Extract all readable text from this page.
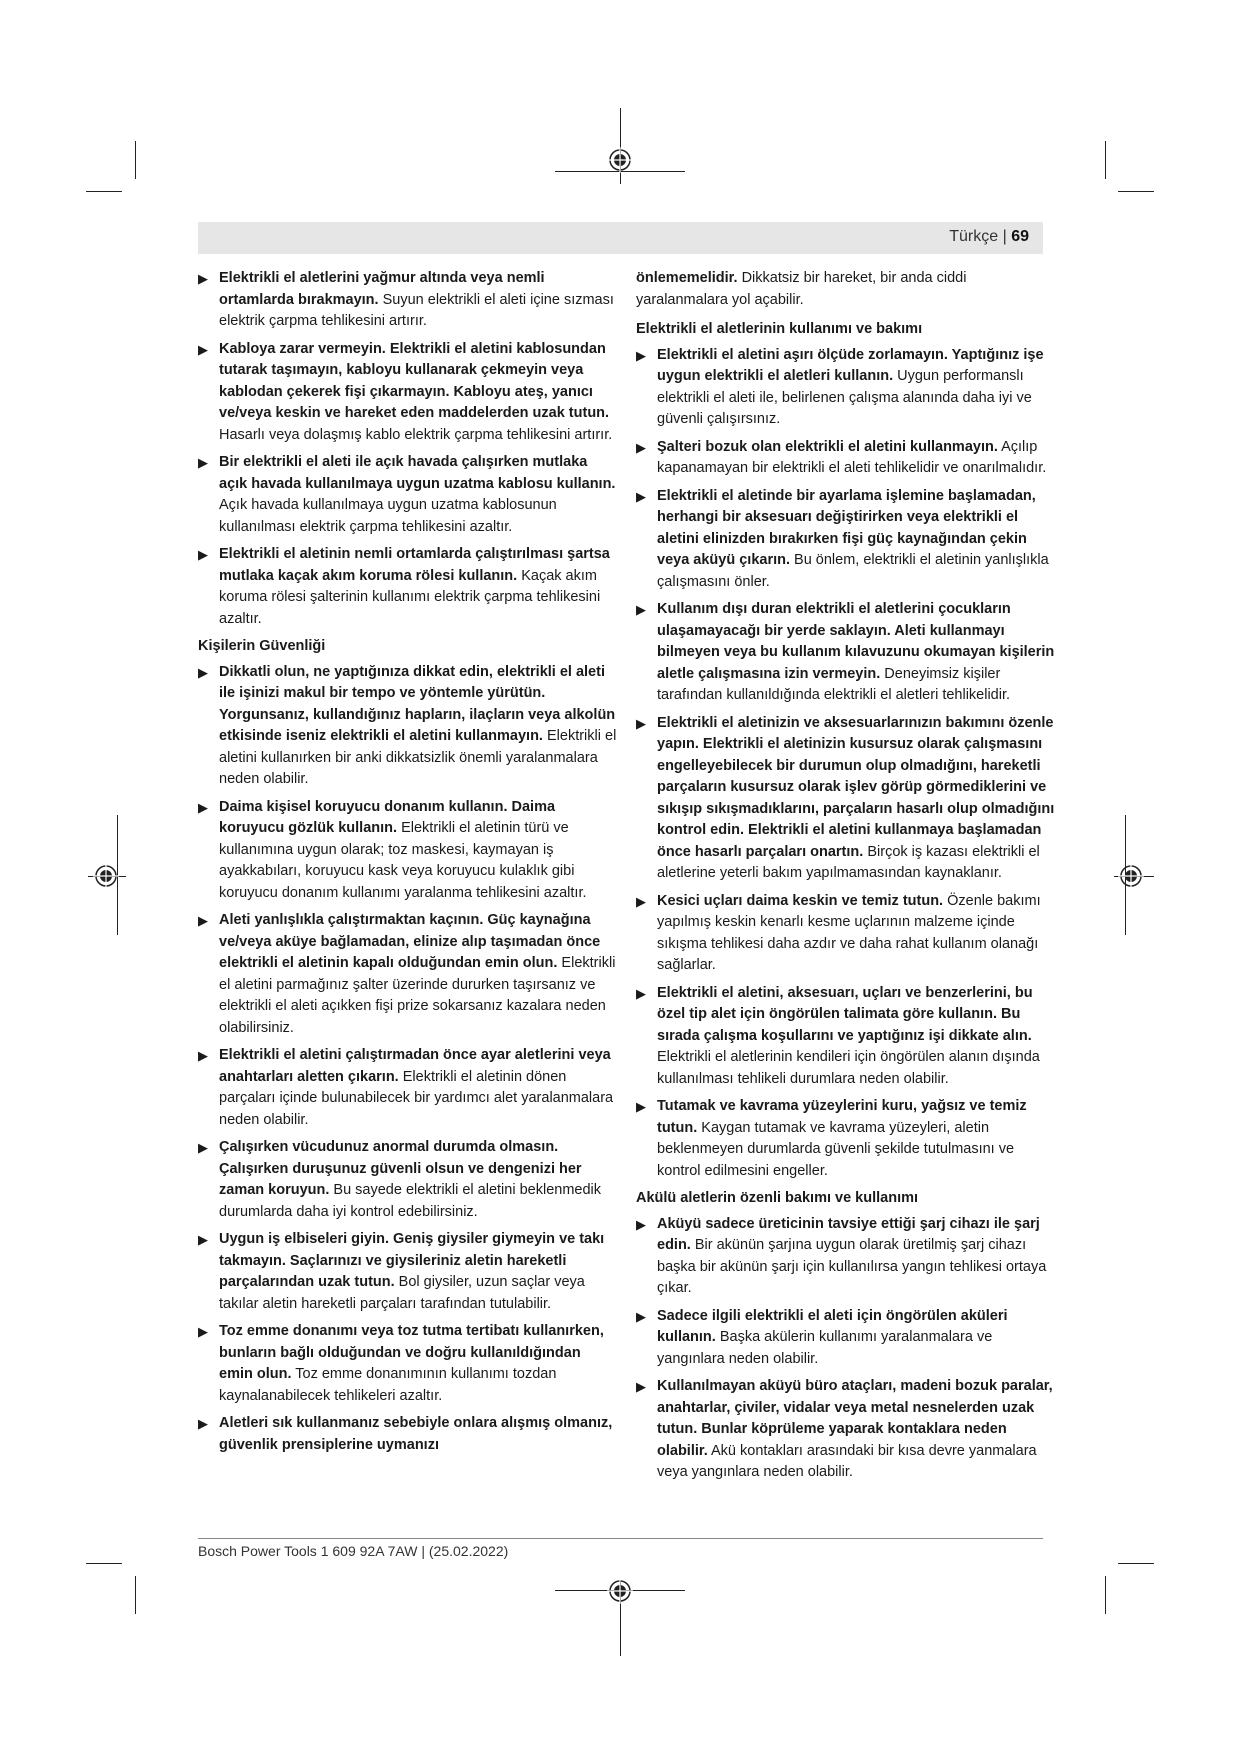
Türkçe | 69
▶ Elektrikli el aletlerini yağmur altında veya nemli ortamlarda bırakmayın. Suyun elektrikli el aleti içine sızması elektrik çarpma tehlikesini artırır.
▶ Kabloya zarar vermeyin. Elektrikli el aletini kablosundan tutarak taşımayın, kabloyu kullanarak çekmeyin veya kablodan çekerek fişi çıkarmayın. Kabloyu ateş, yanıcı ve/veya keskin ve hareket eden maddelerden uzak tutun. Hasarlı veya dolaşmış kablo elektrik çarpma tehlikesini artırır.
▶ Bir elektrikli el aleti ile açık havada çalışırken mutlaka açık havada kullanılmaya uygun uzatma kablosu kullanın. Açık havada kullanılmaya uygun uzatma kablosunun kullanılması elektrik çarpma tehlikesini azaltır.
▶ Elektrikli el aletinin nemli ortamlarda çalıştırılması şartsa mutlaka kaçak akım koruma rölesi kullanın. Kaçak akım koruma rölesi şalterinin kullanımı elektrik çarpma tehlikesini azaltır.
Kişilerin Güvenliği
▶ Dikkatli olun, ne yaptığınıza dikkat edin, elektrikli el aleti ile işinizi makul bir tempo ve yöntemle yürütün. Yorgunsanız, kullandığınız hapların, ilaçların veya alkolün etkisinde iseniz elektrikli el aletini kullanmayın. Elektrikli el aletini kullanırken bir anki dikkatsizlik önemli yaralanmalara neden olabilir.
▶ Daima kişisel koruyucu donanım kullanın. Daima koruyucu gözlük kullanın. Elektrikli el aletinin türü ve kullanımına uygun olarak; toz maskesi, kaymayan iş ayakkabıları, koruyucu kask veya koruyucu kulaklık gibi koruyucu donanım kullanımı yaralanma tehlikesini azaltır.
▶ Aleti yanlışlıkla çalıştırmaktan kaçının. Güç kaynağına ve/veya aküye bağlamadan, elinize alıp taşımadan önce elektrikli el aletinin kapalı olduğundan emin olun. Elektrikli el aletini parmağınız şalter üzerinde dururken taşırsanız ve elektrikli el aleti açıkken fişi prize sokarsanız kazalara neden olabilirsiniz.
▶ Elektrikli el aletini çalıştırmadan önce ayar aletlerini veya anahtarları aletten çıkarın. Elektrikli el aletinin dönen parçaları içinde bulunabilecek bir yardımcı alet yaralanmalara neden olabilir.
▶ Çalışırken vücudunuz anormal durumda olmasın. Çalışırken duruşunuz güvenli olsun ve dengenizi her zaman koruyun. Bu sayede elektrikli el aletini beklenmedik durumlarda daha iyi kontrol edebilirsiniz.
▶ Uygun iş elbiseleri giyin. Geniş giysiler giymeyin ve takı takmayın. Saçlarınızı ve giysileriniz aletin hareketli parçalarından uzak tutun. Bol giysiler, uzun saçlar veya takılar aletin hareketli parçaları tarafından tutulabilir.
▶ Toz emme donanımı veya toz tutma tertibatı kullanırken, bunların bağlı olduğundan ve doğru kullanıldığından emin olun. Toz emme donanımının kullanımı tozdan kaynalanabilecek tehlikeleri azaltır.
▶ Aletleri sık kullanmanız sebebiyle onlara alışmış olmanız, güvenlik prensiplerine uymanızı
önlememelidir. Dikkatsiz bir hareket, bir anda ciddi yaralanmalara yol açabilir.
Elektrikli el aletlerinin kullanımı ve bakımı
▶ Elektrikli el aletini aşırı ölçüde zorlamayın. Yaptığınız işe uygun elektrikli el aletleri kullanın. Uygun performanslı elektrikli el aleti ile, belirlenen çalışma alanında daha iyi ve güvenli çalışırsınız.
▶ Şalteri bozuk olan elektrikli el aletini kullanmayın. Açılıp kapanamayan bir elektrikli el aleti tehlikelidir ve onarılmalıdır.
▶ Elektrikli el aletinde bir ayarlama işlemine başlamadan, herhangi bir aksesuarı değiştirirken veya elektrikli el aletini elinizden bırakırken fişi güç kaynağından çekin veya aküyü çıkarın. Bu önlem, elektrikli el aletinin yanlışlıkla çalışmasını önler.
▶ Kullanım dışı duran elektrikli el aletlerini çocukların ulaşamayacağı bir yerde saklayın. Aleti kullanmayı bilmeyen veya bu kullanım kılavuzunu okumayan kişilerin aletle çalışmasına izin vermeyin. Deneyimsiz kişiler tarafından kullanıldığında elektrikli el aletleri tehlikelidir.
▶ Elektrikli el aletinizin ve aksesuarlarınızın bakımını özenle yapın. Elektrikli el aletinizin kusursuz olarak çalışmasını engelleyebilecek bir durumun olup olmadığını, hareketli parçaların kusursuz olarak işlev görüp görmediklerini ve sıkışıp sıkışmadıklarını, parçaların hasarlı olup olmadığını kontrol edin. Elektrikli el aletini kullanmaya başlamadan önce hasarlı parçaları onartın. Birçok iş kazası elektrikli el aletlerine yeterli bakım yapılmamasından kaynaklanır.
▶ Kesici uçları daima keskin ve temiz tutun. Özenle bakımı yapılmış keskin kenarlı kesme uçlarının malzeme içinde sıkışma tehlikesi daha azdır ve daha rahat kullanım olanağı sağlarlar.
▶ Elektrikli el aletini, aksesuarı, uçları ve benzerlerini, bu özel tip alet için öngörülen talimata göre kullanın. Bu sırada çalışma koşullarını ve yaptığınız işi dikkate alın. Elektrikli el aletlerinin kendileri için öngörülen alanın dışında kullanılması tehlikeli durumlara neden olabilir.
▶ Tutamak ve kavrama yüzeylerini kuru, yağsız ve temiz tutun. Kaygan tutamak ve kavrama yüzeyleri, aletin beklenmeyen durumlarda güvenli şekilde tutulmasını ve kontrol edilmesini engeller.
Akülü aletlerin özenli bakımı ve kullanımı
▶ Aküyü sadece üreticinin tavsiye ettiği şarj cihazı ile şarj edin. Bir akünün şarjına uygun olarak üretilmiş şarj cihazı başka bir akünün şarjı için kullanılırsa yangın tehlikesi ortaya çıkar.
▶ Sadece ilgili elektrikli el aleti için öngörülen aküleri kullanın. Başka akülerin kullanımı yaralanmalara ve yangınlara neden olabilir.
▶ Kullanılmayan aküyü büro ataçları, madeni bozuk paralar, anahtarlar, çiviler, vidalar veya metal nesnelerden uzak tutun. Bunlar köprüleme yaparak kontaklara neden olabilir. Akü kontakları arasındaki bir kısa devre yanmalara veya yangınlara neden olabilir.
Bosch Power Tools 1 609 92A 7AW | (25.02.2022)
